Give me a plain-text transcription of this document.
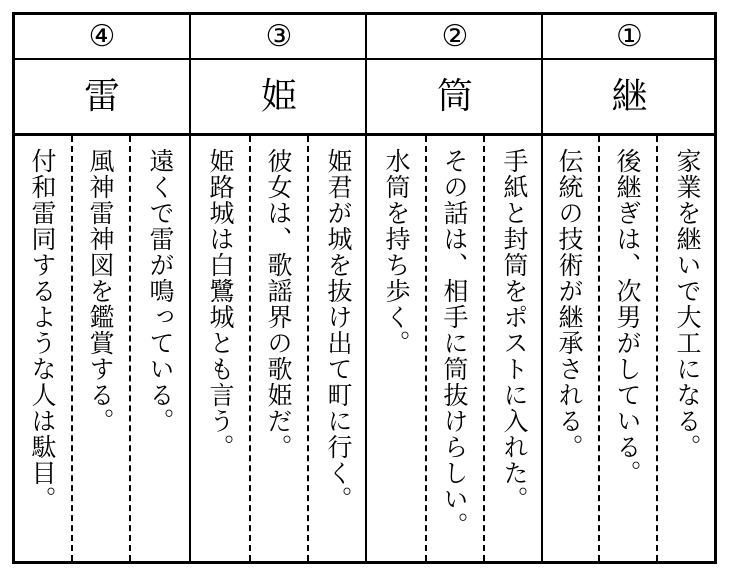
④
雷
遠くで雷が鳴っている。
風神雷神図を鑑賞する。
付和雷同するような人は駄目。
③
姫
姫君が城を抜け出て町に行く。
彼女は、歌謡界の歌姫だ。
姫路城は白鷺城とも言う。
②
筒
手紙と封筒をポストに入れた。
その話は、相手に筒抜けらしい。
水筒を持ち歩く。
①
継
家業を継いで大工になる。
後継ぎは、次男がしている。
伝統の技術が継承される。
